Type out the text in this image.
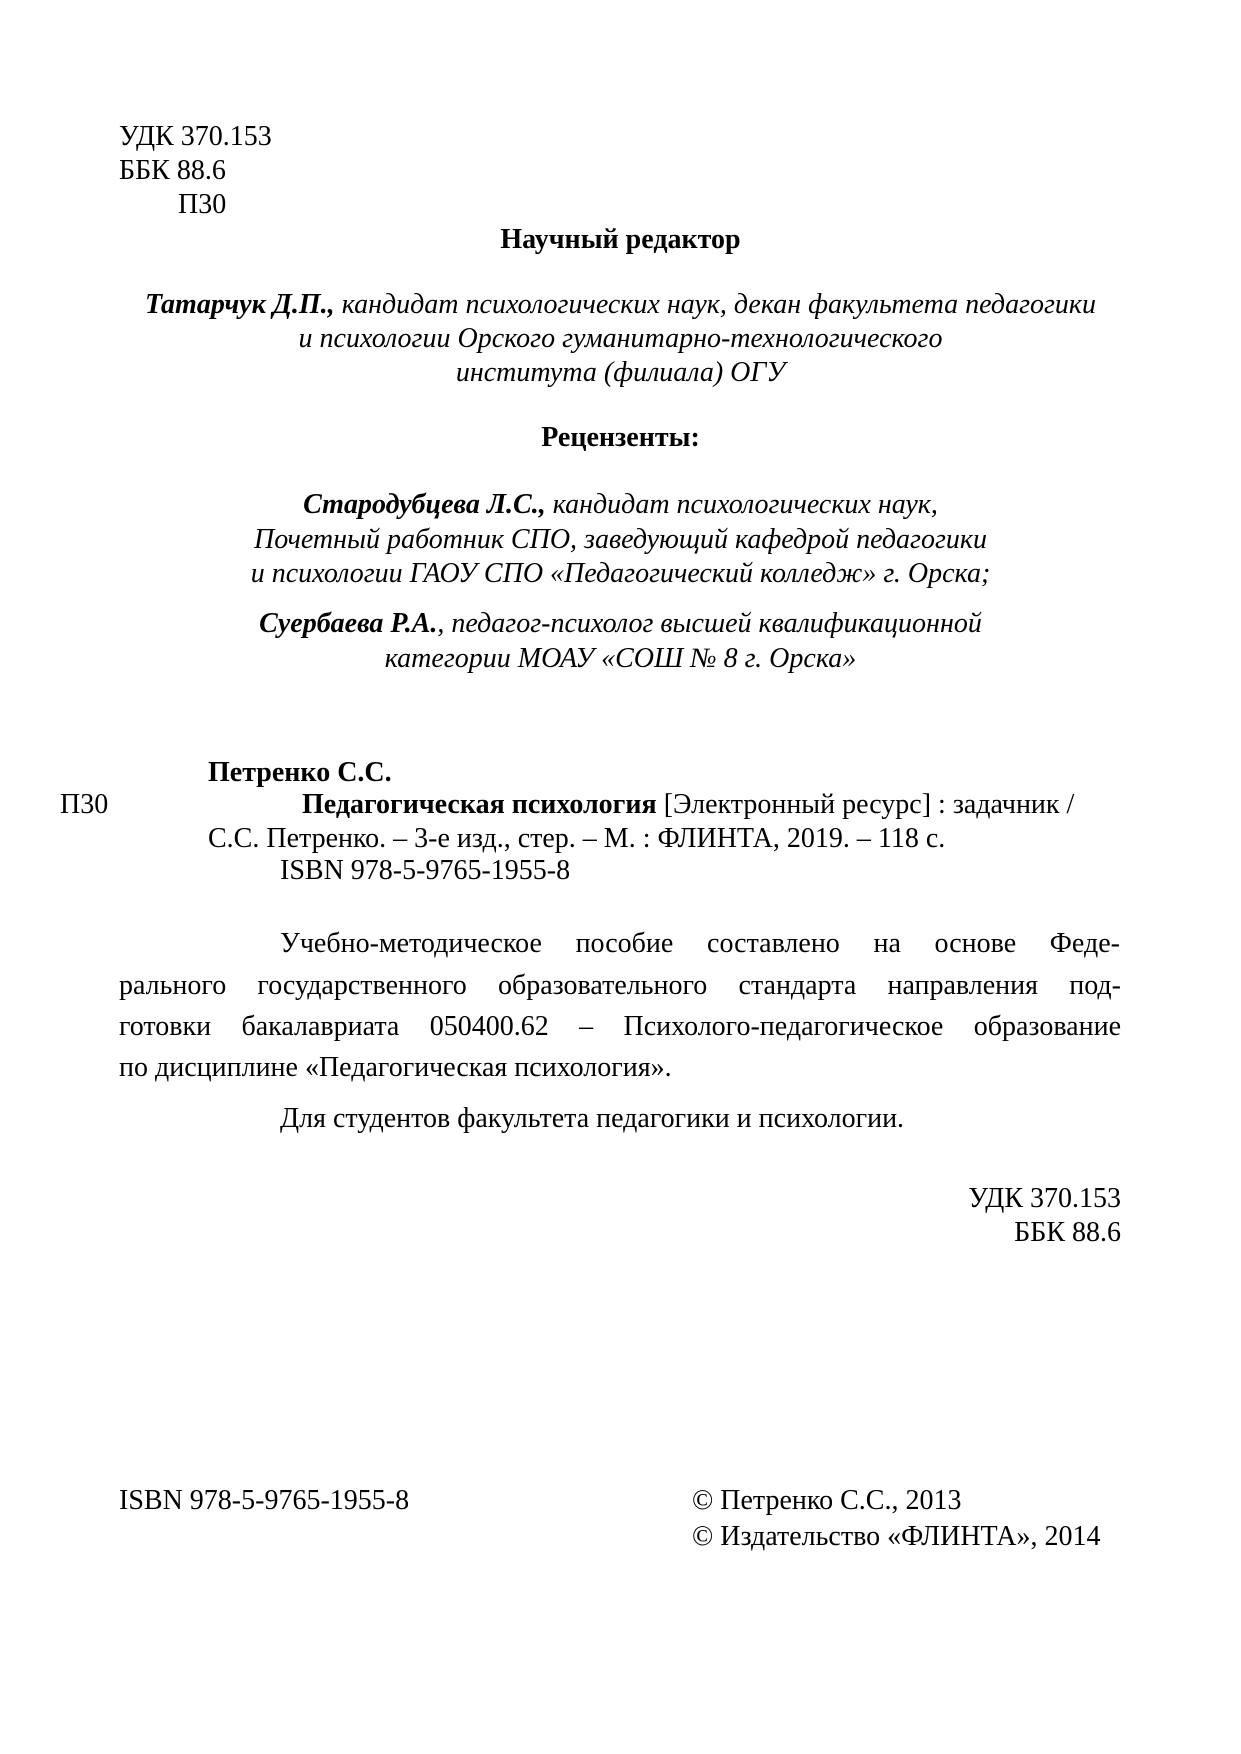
УДК 370.153
ББК 88.6
П30
Научный редактор
Татарчук Д.П., кандидат психологических наук, декан факультета педагогики
и психологии Орского гуманитарно-технологического
института (филиала) ОГУ
Рецензенты:
Стародубцева Л.С., кандидат психологических наук,
Почетный работник СПО, заведующий кафедрой педагогики
и психологии ГАОУ СПО «Педагогический колледж» г. Орска;
Суербаева Р.А., педагог-психолог высшей квалификационной
категории МОАУ «СОШ № 8 г. Орска»
Петренко С.С.
П30	Педагогическая психология [Электронный ресурс] : задачник /
С.С. Петренко. – 3-е изд., стер. – М. : ФЛИНТА, 2019. – 118 с.
ISBN 978-5-9765-1955-8
Учебно-методическое пособие составлено на основе Феде-
рального государственного образовательного стандарта направления под-
готовки бакалавриата 050400.62 – Психолого-педагогическое образование
по дисциплине «Педагогическая психология».
Для студентов факультета педагогики и психологии.
УДК 370.153
ББК 88.6
ISBN 978-5-9765-1955-8	© Петренко С.С., 2013
© Издательство «ФЛИНТА», 2014
